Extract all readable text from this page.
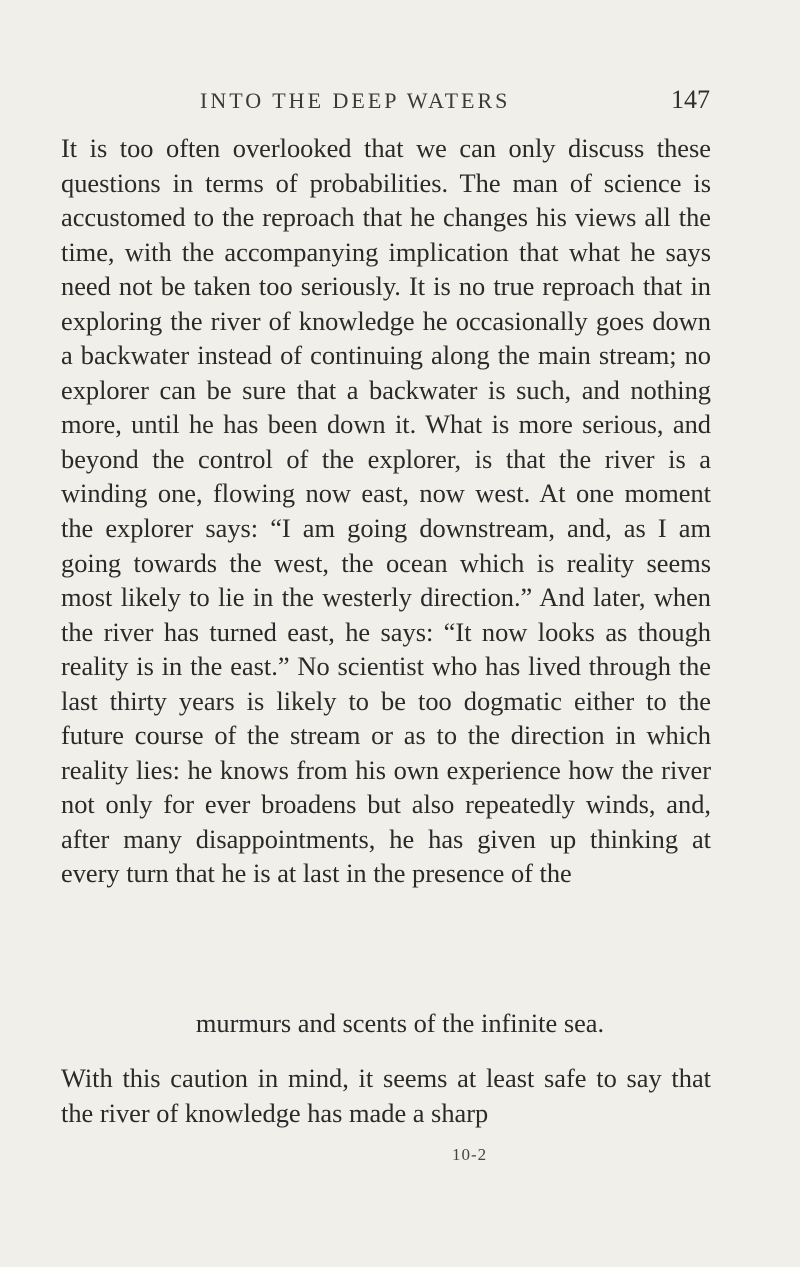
INTO THE DEEP WATERS	147

It is too often overlooked that we can only discuss these questions in terms of probabilities. The man of science is accustomed to the reproach that he changes his views all the time, with the accompanying implication that what he says need not be taken too seriously. It is no true reproach that in exploring the river of knowledge he occasionally goes down a backwater instead of continuing along the main stream; no explorer can be sure that a backwater is such, and nothing more, until he has been down it. What is more serious, and beyond the control of the explorer, is that the river is a winding one, flowing now east, now west. At one moment the explorer says: “I am going downstream, and, as I am going towards the west, the ocean which is reality seems most likely to lie in the westerly direction.” And later, when the river has turned east, he says: “It now looks as though reality is in the east.” No scientist who has lived through the last thirty years is likely to be too dogmatic either to the future course of the stream or as to the direction in which reality lies: he knows from his own experience how the river not only for ever broadens but also repeatedly winds, and, after many disappointments, he has given up thinking at every turn that he is at last in the presence of the

murmurs and scents of the infinite sea.

With this caution in mind, it seems at least safe to say that the river of knowledge has made a sharp

10-2
